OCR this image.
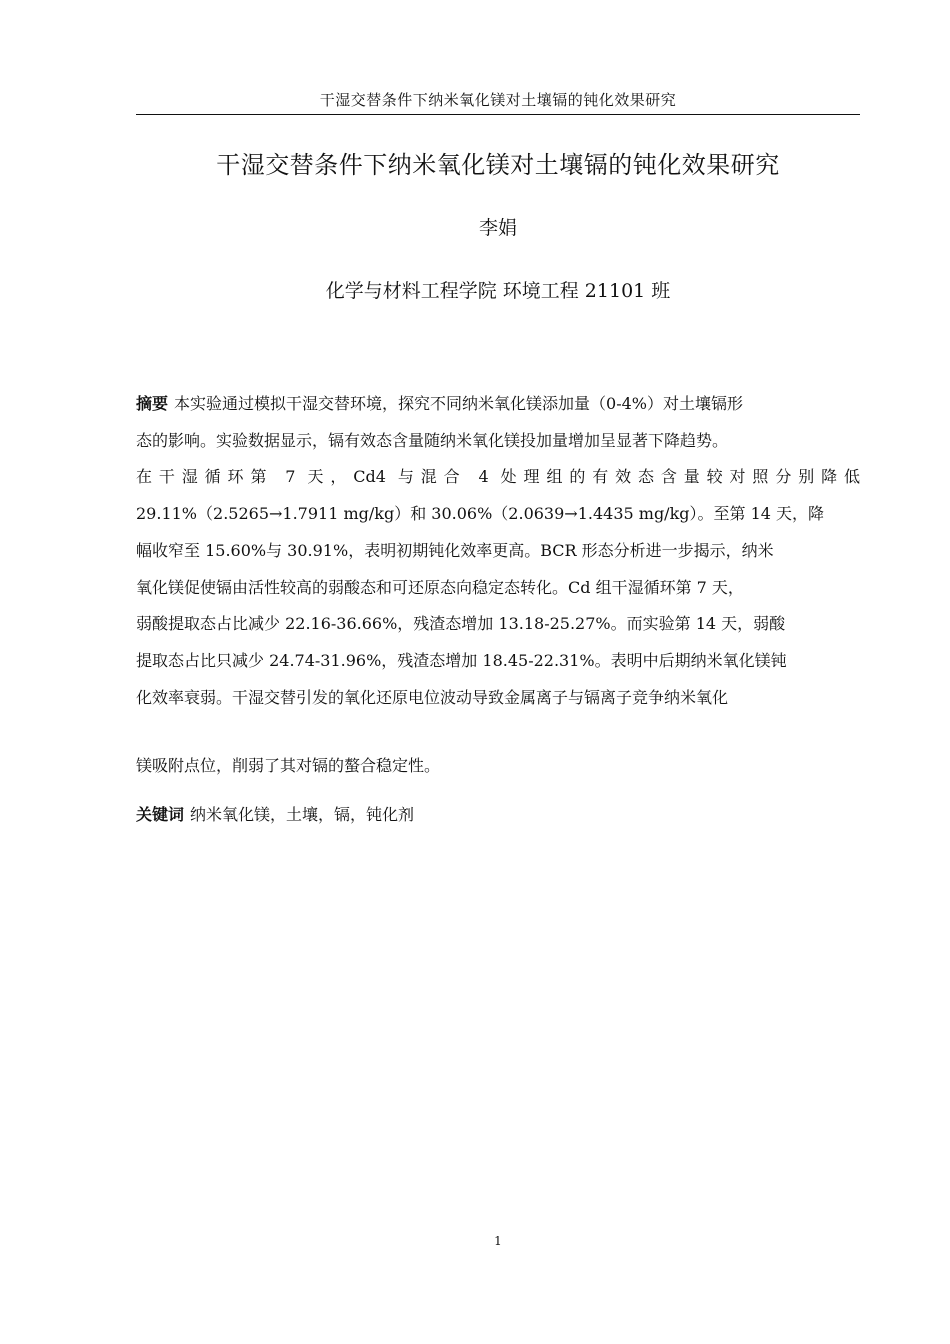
干湿交替条件下纳米氧化镁对土壤镉的钝化效果研究
干湿交替条件下纳米氧化镁对土壤镉的钝化效果研究
李娟
化学与材料工程学院 环境工程 21101 班
摘要 本实验通过模拟干湿交替环境，探究不同纳米氧化镁添加量（0-4%）对土壤镉形
态的影响。实验数据显示，镉有效态含量随纳米氧化镁投加量增加呈显著下降趋势。
在干湿循环第 7 天，Cd4 与混合 4 处理组的有效态含量较对照分别降低
29.11%（2.5265→1.7911 mg/kg）和 30.06%（2.0639→1.4435 mg/kg）。至第 14 天，降
幅收窄至 15.60%与 30.91%，表明初期钝化效率更高。BCR 形态分析进一步揭示，纳米
氧化镁促使镉由活性较高的弱酸态和可还原态向稳定态转化。Cd 组干湿循环第 7 天，
弱酸提取态占比减少 22.16-36.66%，残渣态增加 13.18-25.27%。而实验第 14 天，弱酸
提取态占比只减少 24.74-31.96%，残渣态增加 18.45-22.31%。表明中后期纳米氧化镁钝
化效率衰弱。干湿交替引发的氧化还原电位波动导致金属离子与镉离子竞争纳米氧化
镁吸附点位，削弱了其对镉的螯合稳定性。
关键词 纳米氧化镁，土壤，镉，钝化剂
1
